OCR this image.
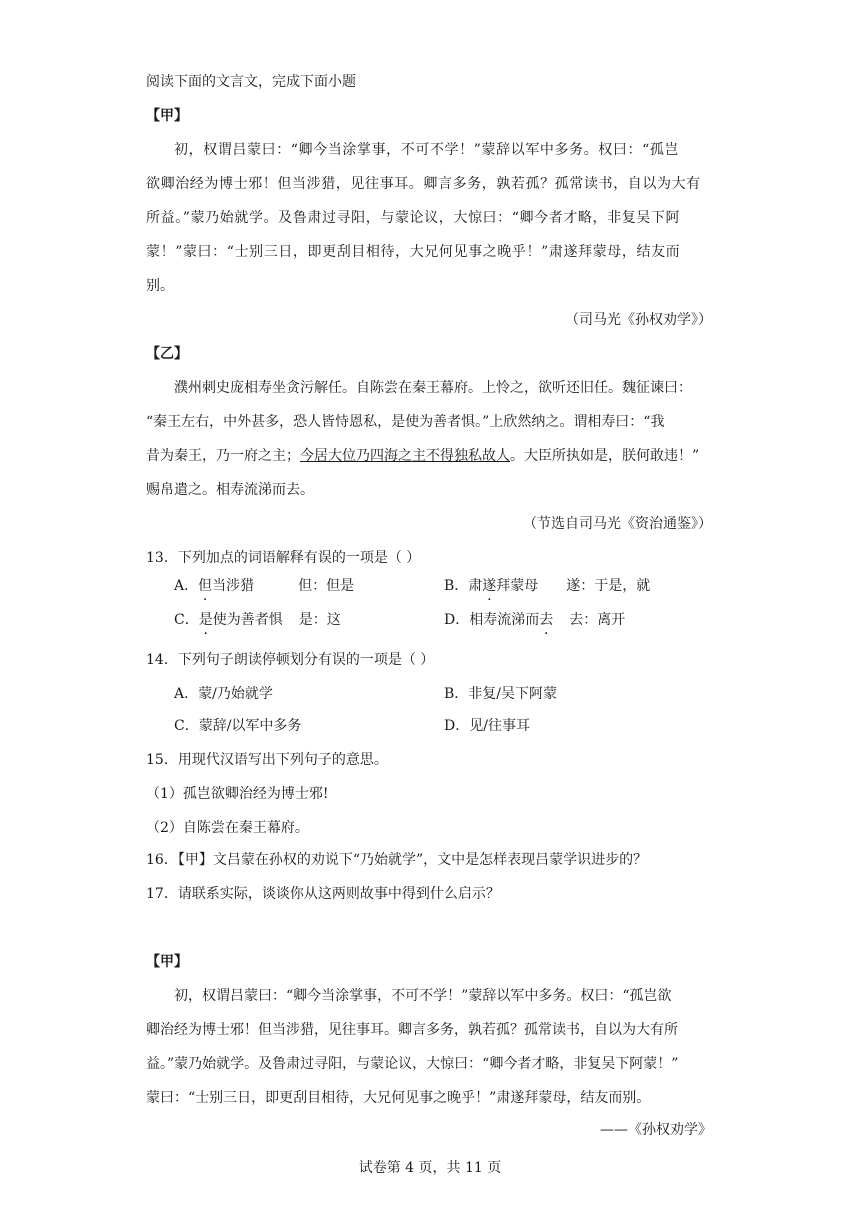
阅读下面的文言文，完成下面小题
【甲】
初，权谓吕蒙曰：“卿今当涂掌事，不可不学！”蒙辞以军中多务。权曰：“孤岂
欲卿治经为博士邪！但当涉猎，见往事耳。卿言多务，孰若孤？孤常读书，自以为大有
所益。”蒙乃始就学。及鲁肃过寻阳，与蒙论议，大惊曰：“卿今者才略，非复吴下阿
蒙！”蒙曰：“士别三日，即更刮目相待，大兄何见事之晚乎！”肃遂拜蒙母，结友而
别。
（司马光《孙权劝学》）
【乙】
濮州刺史庞相寿坐贪污解任。自陈尝在秦王幕府。上怜之，欲听还旧任。魏征谏曰：
“秦王左右，中外甚多，恐人皆恃恩私，是使为善者惧。”上欣然纳之。谓相寿曰：“我
昔为秦王，乃一府之主；今居大位乃四海之主不得独私故人。大臣所执如是，朕何敢违！”
赐帛遣之。相寿流涕而去。
（节选自司马光《资治通鉴》）
13．下列加点的词语解释有误的一项是（ ）
A．但当涉猎	但：但是	B．肃遂拜蒙母 遂：于是，就
C．是使为善者惧 是：这	D．相寿流涕而去 去：离开
14．下列句子朗读停顿划分有误的一项是（ ）
A．蒙/乃始就学	B．非复/吴下阿蒙
C．蒙辞/以军中多务	D．见/往事耳
15．用现代汉语写出下列句子的意思。
（1）孤岂欲卿治经为博士邪!
（2）自陈尝在秦王幕府。
16．【甲】文吕蒙在孙权的劝说下“乃始就学”，文中是怎样表现吕蒙学识进步的？
17．请联系实际，谈谈你从这两则故事中得到什么启示？
【甲】
初，权谓吕蒙曰：“卿今当涂掌事，不可不学！”蒙辞以军中多务。权曰：“孤岂欲
卿治经为博士邪！但当涉猎，见往事耳。卿言多务，孰若孤？孤常读书，自以为大有所
益。”蒙乃始就学。及鲁肃过寻阳，与蒙论议，大惊曰：“卿今者才略，非复吴下阿蒙！”
蒙曰：“士别三日，即更刮目相待，大兄何见事之晚乎！”肃遂拜蒙母，结友而别。
——《孙权劝学》
试卷第 4 页，共 11 页
